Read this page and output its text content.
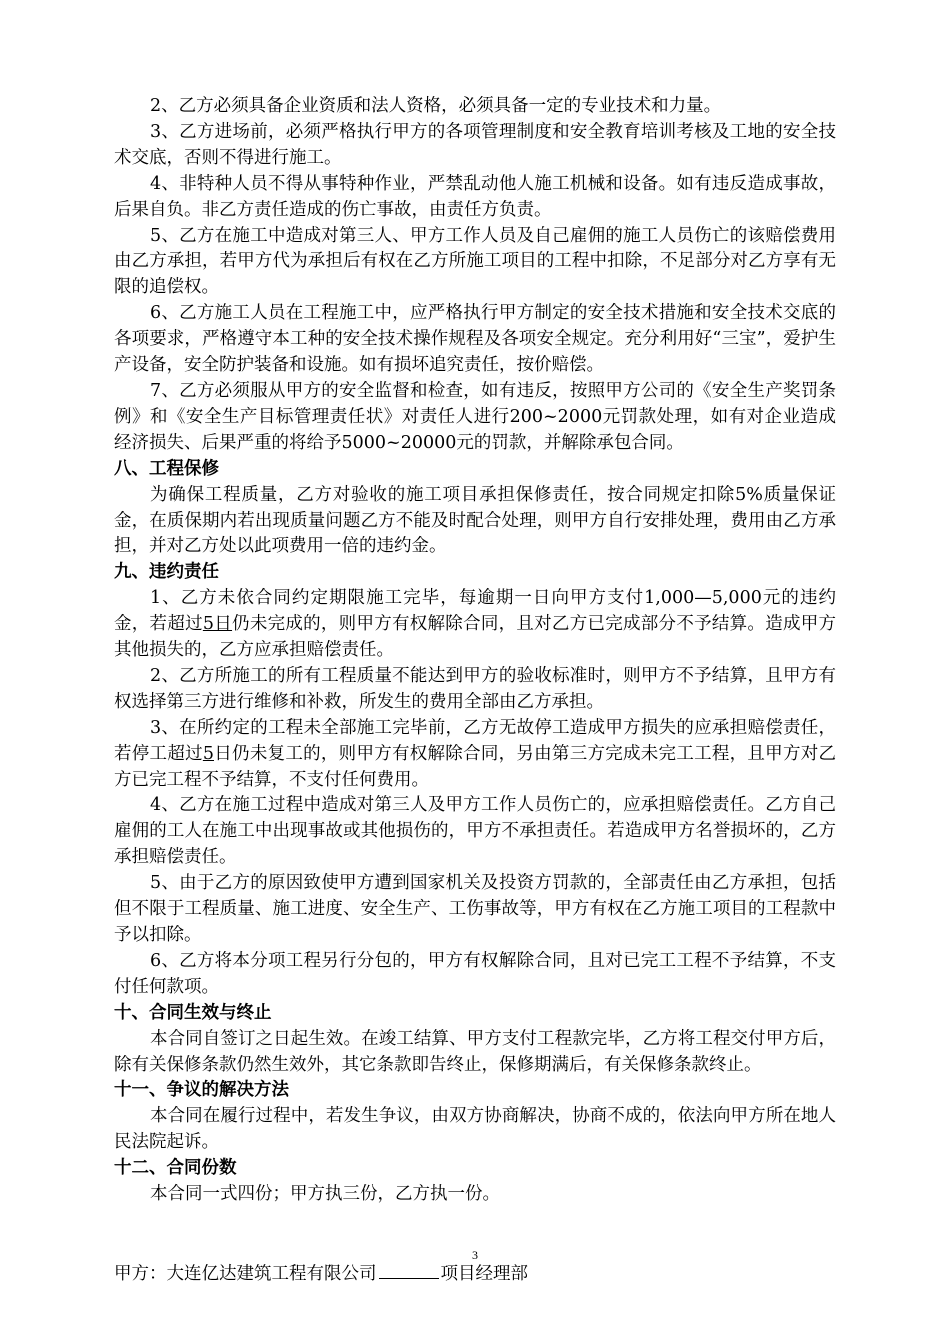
2、乙方必须具备企业资质和法人资格，必须具备一定的专业技术和力量。

3、乙方进场前，必须严格执行甲方的各项管理制度和安全教育培训考核及工地的安全技术交底，否则不得进行施工。

4、非特种人员不得从事特种作业，严禁乱动他人施工机械和设备。如有违反造成事故，后果自负。非乙方责任造成的伤亡事故，由责任方负责。

5、乙方在施工中造成对第三人、甲方工作人员及自己雇佣的施工人员伤亡的该赔偿费用由乙方承担，若甲方代为承担后有权在乙方所施工项目的工程中扣除，不足部分对乙方享有无限的追偿权。

6、乙方施工人员在工程施工中，应严格执行甲方制定的安全技术措施和安全技术交底的各项要求，严格遵守本工种的安全技术操作规程及各项安全规定。充分利用好“三宝”，爱护生产设备，安全防护装备和设施。如有损坏追究责任，按价赔偿。

7、乙方必须服从甲方的安全监督和检查，如有违反，按照甲方公司的《安全生产奖罚条例》和《安全生产目标管理责任状》对责任人进行200~2000元罚款处理，如有对企业造成经济损失、后果严重的将给予5000~20000元的罚款，并解除承包合同。

八、工程保修

为确保工程质量，乙方对验收的施工项目承担保修责任，按合同规定扣除5%质量保证金，在质保期内若出现质量问题乙方不能及时配合处理，则甲方自行安排处理，费用由乙方承担，并对乙方处以此项费用一倍的违约金。

九、违约责任

1、乙方未依合同约定期限施工完毕，每逾期一日向甲方支付1,000—5,000元的违约金，若超过5日仍未完成的，则甲方有权解除合同，且对乙方已完成部分不予结算。造成甲方其他损失的，乙方应承担赔偿责任。

2、乙方所施工的所有工程质量不能达到甲方的验收标准时，则甲方不予结算，且甲方有权选择第三方进行维修和补救，所发生的费用全部由乙方承担。

3、在所约定的工程未全部施工完毕前，乙方无故停工造成甲方损失的应承担赔偿责任，若停工超过5日仍未复工的，则甲方有权解除合同，另由第三方完成未完工工程，且甲方对乙方已完工程不予结算，不支付任何费用。

4、乙方在施工过程中造成对第三人及甲方工作人员伤亡的，应承担赔偿责任。乙方自己雇佣的工人在施工中出现事故或其他损伤的，甲方不承担责任。若造成甲方名誉损坏的，乙方承担赔偿责任。

5、由于乙方的原因致使甲方遭到国家机关及投资方罚款的，全部责任由乙方承担，包括但不限于工程质量、施工进度、安全生产、工伤事故等，甲方有权在乙方施工项目的工程款中予以扣除。

6、乙方将本分项工程另行分包的，甲方有权解除合同，且对已完工工程不予结算，不支付任何款项。

十、合同生效与终止

本合同自签订之日起生效。在竣工结算、甲方支付工程款完毕，乙方将工程交付甲方后，除有关保修条款仍然生效外，其它条款即告终止，保修期满后，有关保修条款终止。

十一、争议的解决方法

本合同在履行过程中，若发生争议，由双方协商解决，协商不成的，依法向甲方所在地人民法院起诉。

十二、合同份数

本合同一式四份；甲方执三份，乙方执一份。

甲方：大连亿达建筑工程有限公司	项目经理部

3
